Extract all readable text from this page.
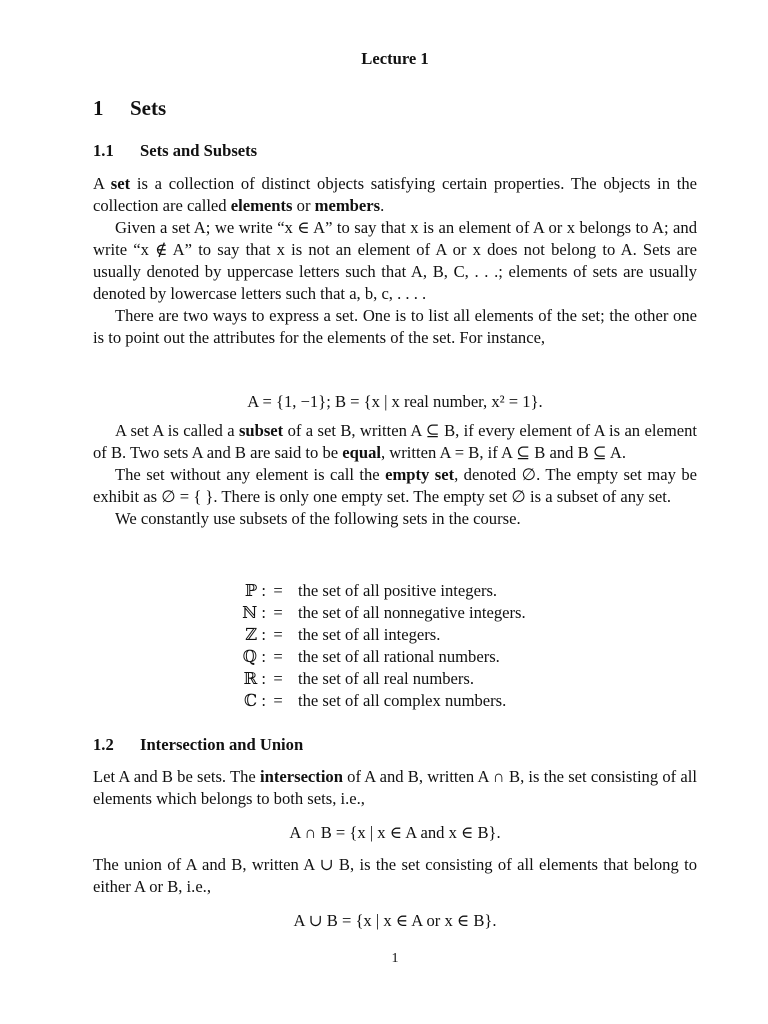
Lecture 1
1 Sets
1.1 Sets and Subsets

A set is a collection of distinct objects satisfying certain properties. The objects in the collection are called elements or members.

Given a set A; we write “x ∈ A” to say that x is an element of A or x belongs to A; and write “x ∉ A” to say that x is not an element of A or x does not belong to A. Sets are usually denoted by uppercase letters such that A, B, C, . . .; elements of sets are usually denoted by lowercase letters such that a, b, c, . . . .

There are two ways to express a set. One is to list all elements of the set; the other one is to point out the attributes for the elements of the set. For instance,

A = {1, −1}; B = {x | x real number, x² = 1}.

A set A is called a subset of a set B, written A ⊆ B, if every element of A is an element of B. Two sets A and B are said to be equal, written A = B, if A ⊆ B and B ⊆ A.

The set without any element is call the empty set, denoted ∅. The empty set may be exhibit as ∅ = { }. There is only one empty set. The empty set ∅ is a subset of any set.

We constantly use subsets of the following sets in the course.

ℙ : = the set of all positive integers.
ℕ : = the set of all nonnegative integers.
ℤ : = the set of all integers.
ℚ : = the set of all rational numbers.
ℝ : = the set of all real numbers.
ℂ : = the set of all complex numbers.
1.2 Intersection and Union

Let A and B be sets. The intersection of A and B, written A ∩ B, is the set consisting of all elements which belongs to both sets, i.e.,

A ∩ B = {x | x ∈ A and x ∈ B}.
The union of A and B, written A ∪ B, is the set consisting of all elements that belong to either A or B, i.e.,
A ∪ B = {x | x ∈ A or x ∈ B}.
1
